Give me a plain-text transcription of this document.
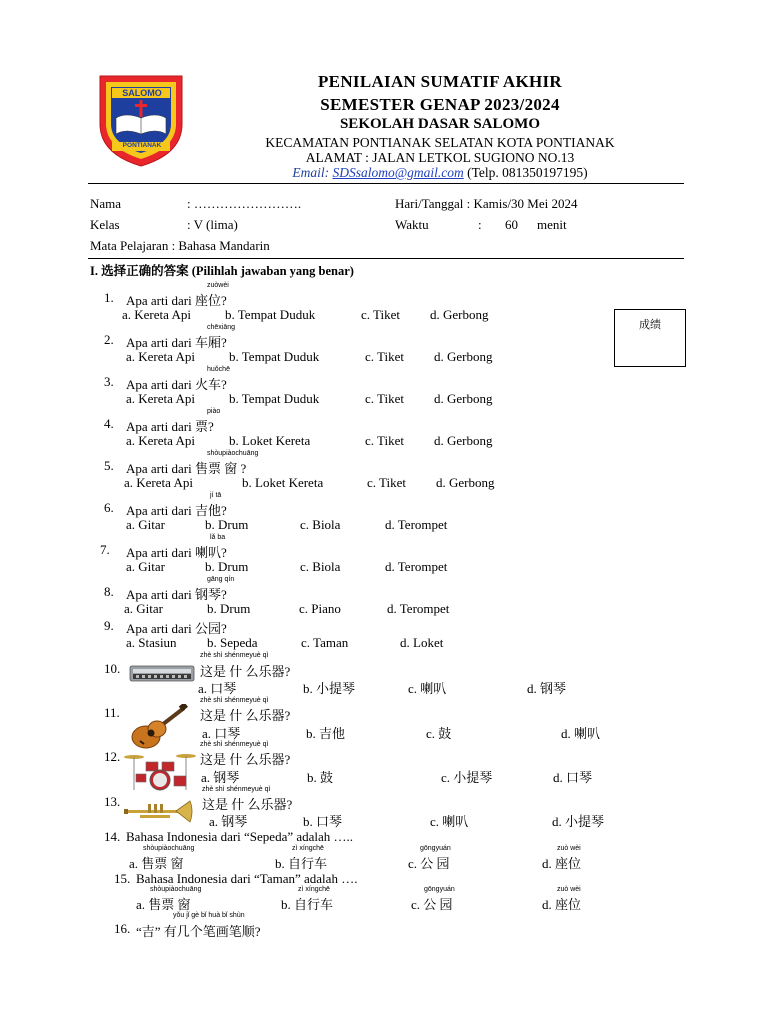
SALOMO
PONTIANAK
PENILAIAN SUMATIF AKHIR
SEMESTER GENAP 2023/2024
SEKOLAH DASAR SALOMO
KECAMATAN PONTIANAK SELATAN KOTA PONTIANAK
ALAMAT : JALAN LETKOL SUGIONO NO.13
Email: SDSsalomo@gmail.com (Telp. 081350197195)
Nama	: …………………….	Hari/Tanggal : Kamis/30 Mei 2024
Kelas	: V (lima)	Waktu	: 60 menit
Mata Pelajaran : Bahasa Mandarin
I. 选择正确的答案 (Pilihlah jawaban yang benar)
成绩
zuòwèi
1. Apa arti dari 座位?
a. Kereta Api	b. Tempat Duduk	c. Tiket d. Gerbong
chēxiāng
2. Apa arti dari 车厢?
a. Kereta Api	b. Tempat Duduk	c. Tiket d. Gerbong
huǒchē
3. Apa arti dari 火车?
a. Kereta Api	b. Tempat Duduk	c. Tiket d. Gerbong
piào
4. Apa arti dari 票?
a. Kereta Api	b. Loket Kereta	c. Tiket d. Gerbong
shòupiàochuāng
5. Apa arti dari 售票 窗 ?
a. Kereta Api	b. Loket Kereta	c. Tiket d. Gerbong
jí tā
6. Apa arti dari 吉他?
a. Gitar	b. Drum	c. Biola	d. Terompet
lǎ ba
7. Apa arti dari 喇叭?
a. Gitar	b. Drum	c. Biola	d. Terompet
gāng qín
8. Apa arti dari 钢琴?
a. Gitar	b. Drum	c. Piano	d. Terompet
9. Apa arti dari 公园?
a. Stasiun b. Sepeda	c. Taman	d. Loket
zhè shì shénmeyuè qì
10.	这是 什 么乐器?
a. 口琴	b. 小提琴	c. 喇叭	d. 钢琴
zhè shì shénmeyuè qì
11.	这是 什 么乐器?
a. 口琴	b. 吉他	c. 鼓	d. 喇叭
zhè shì shénmeyuè qì
12.	这是 什 么乐器?
a. 钢琴	b. 鼓	c. 小提琴	d. 口琴
zhè shì shénmeyuè qì
13.	这是 什 么乐器?
a. 钢琴	b. 口琴	c. 喇叭	d. 小提琴
14. Bahasa Indonesia dari “Sepeda” adalah …..
shòupiàochuāng	zì xíngchē	gōngyuán	zuò wèi
a. 售票 窗	b. 自行车	c. 公 园	d. 座位
15. Bahasa Indonesia dari “Taman” adalah ….
shòupiàochuāng	zì xíngchē	gōngyuán	zuò wèi
a. 售票 窗	b. 自行车	c. 公 园	d. 座位
yǒu jǐ gè bǐ huà bǐ shùn
16. “吉” 有几个笔画笔顺?
